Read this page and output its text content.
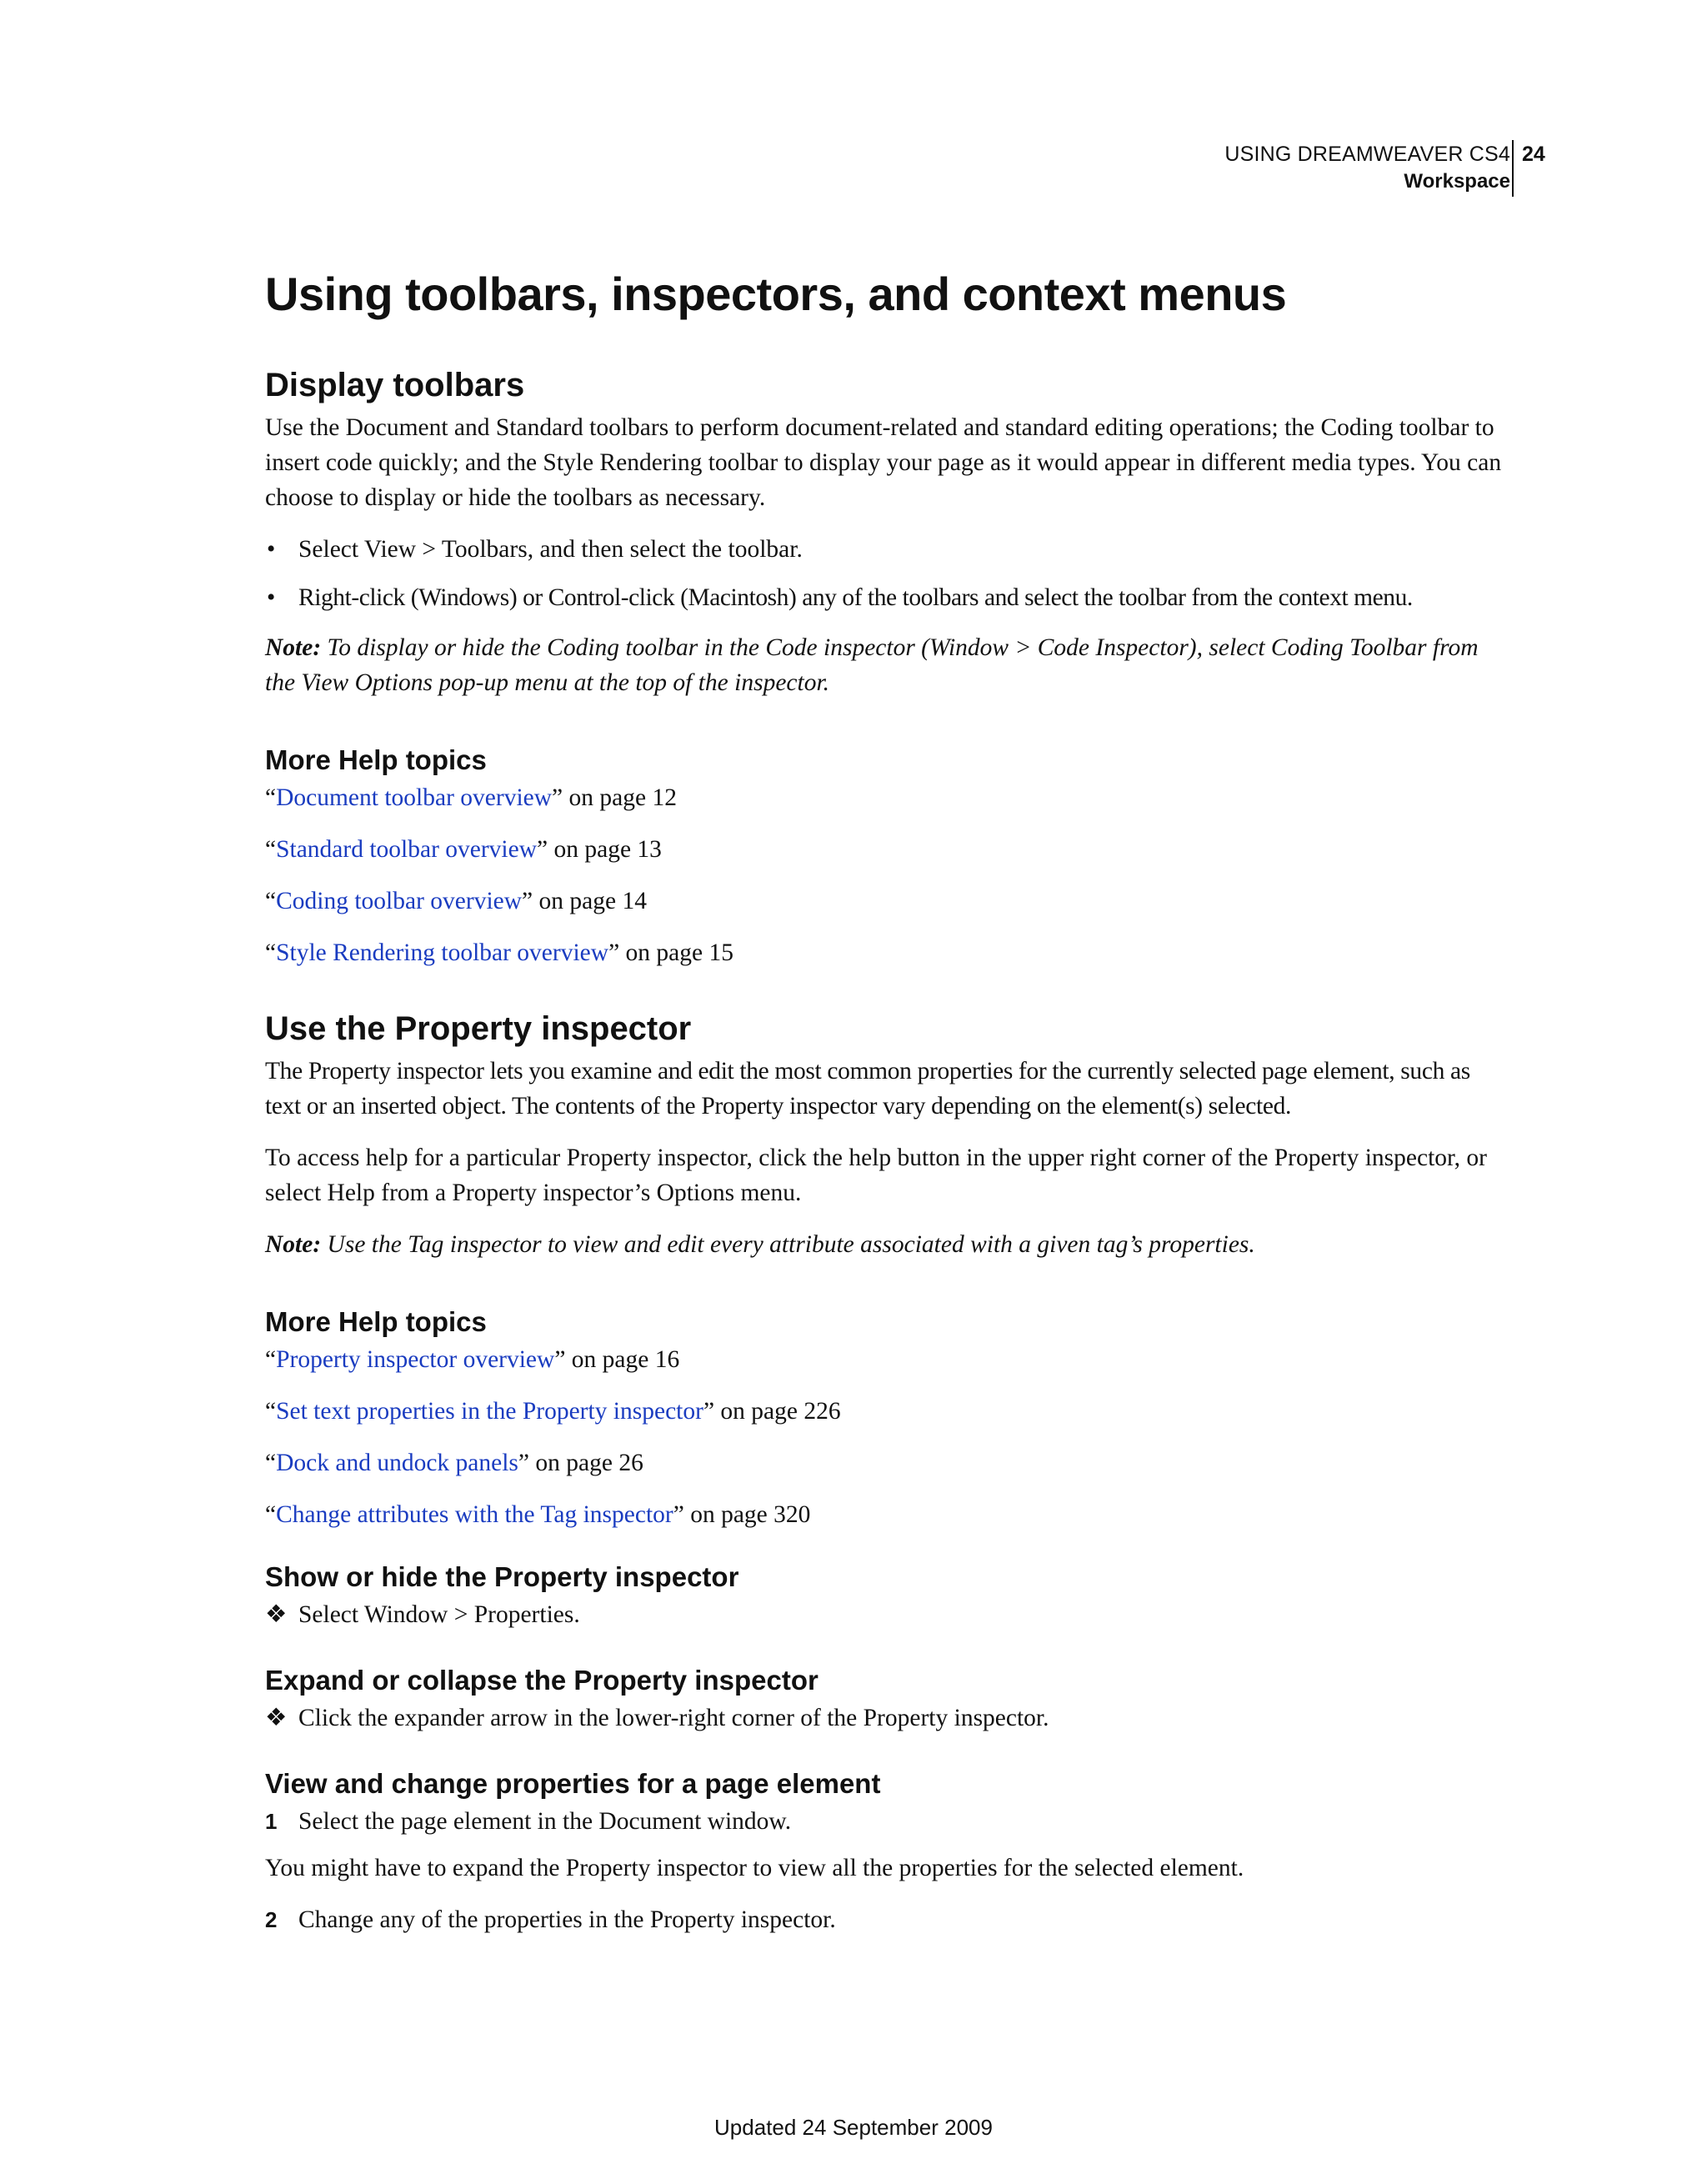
USING DREAMWEAVER CS4
Workspace
24
Using toolbars, inspectors, and context menus
Display toolbars

Use the Document and Standard toolbars to perform document-related and standard editing operations; the Coding toolbar to insert code quickly; and the Style Rendering toolbar to display your page as it would appear in different media types. You can choose to display or hide the toolbars as necessary.

• Select View > Toolbars, and then select the toolbar.
• Right-click (Windows) or Control-click (Macintosh) any of the toolbars and select the toolbar from the context menu.

Note: To display or hide the Coding toolbar in the Code inspector (Window > Code Inspector), select Coding Toolbar from the View Options pop-up menu at the top of the inspector.

More Help topics
“Document toolbar overview” on page 12
“Standard toolbar overview” on page 13
“Coding toolbar overview” on page 14
“Style Rendering toolbar overview” on page 15
Use the Property inspector

The Property inspector lets you examine and edit the most common properties for the currently selected page element, such as text or an inserted object. The contents of the Property inspector vary depending on the element(s) selected.

To access help for a particular Property inspector, click the help button in the upper right corner of the Property inspector, or select Help from a Property inspector’s Options menu.

Note: Use the Tag inspector to view and edit every attribute associated with a given tag’s properties.

More Help topics
“Property inspector overview” on page 16
“Set text properties in the Property inspector” on page 226
“Dock and undock panels” on page 26
“Change attributes with the Tag inspector” on page 320
Show or hide the Property inspector
❖ Select Window > Properties.
Expand or collapse the Property inspector
❖ Click the expander arrow in the lower-right corner of the Property inspector.
View and change properties for a page element
1 Select the page element in the Document window.

You might have to expand the Property inspector to view all the properties for the selected element.

2 Change any of the properties in the Property inspector.
Updated 24 September 2009
